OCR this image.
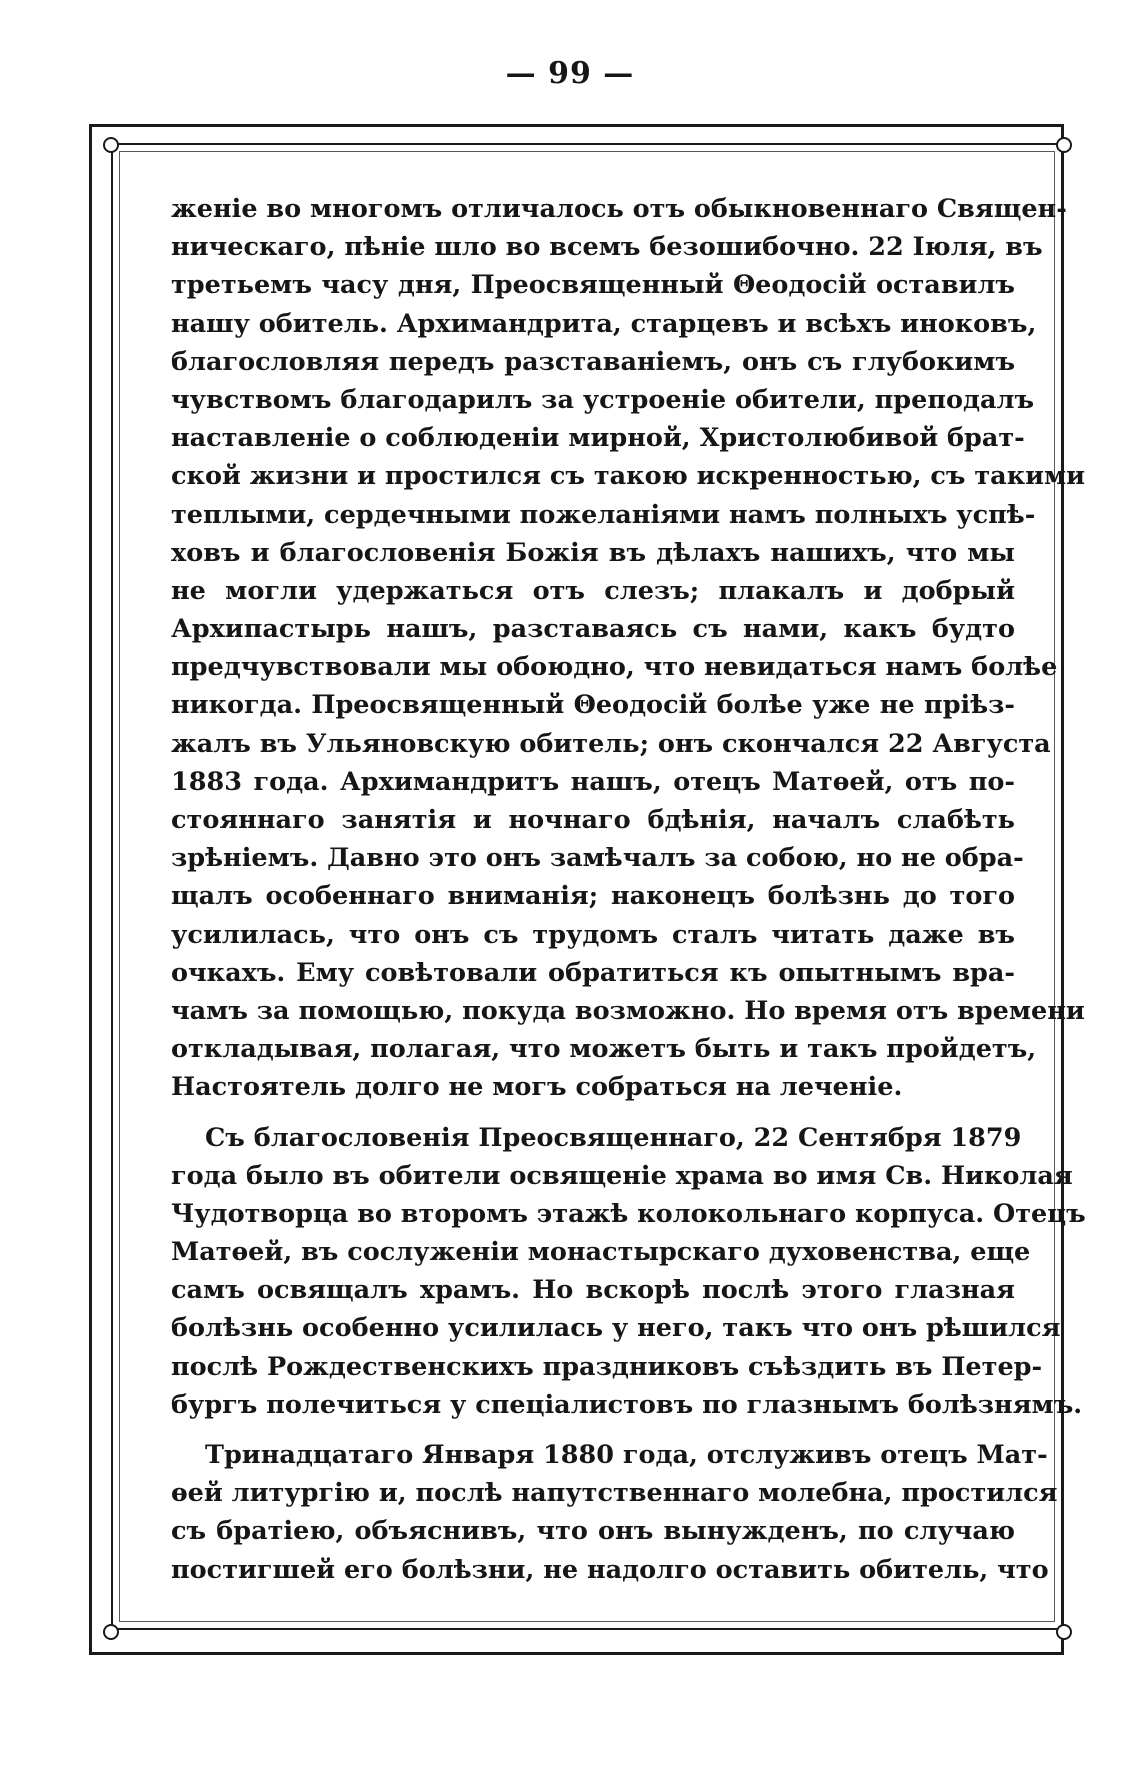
— 99 —

женіе во многомъ отличалось отъ обыкновеннаго Священ-
ническаго, пѣніе шло во всемъ безошибочно. 22 Іюля, въ
третьемъ часу дня, Преосвященный Θеодосій оставилъ
нашу обитель. Архимандрита, старцевъ и всѣхъ иноковъ,
благословляя передъ разставаніемъ, онъ съ глубокимъ
чувствомъ благодарилъ за устроеніе обители, преподалъ
наставленіе о соблюденіи мирной, Христолюбивой брат-
ской жизни и простился съ такою искренностью, съ такими
теплыми, сердечными пожеланіями намъ полныхъ успѣ-
ховъ и благословенія Божія въ дѣлахъ нашихъ, что мы
не могли удержаться отъ слезъ; плакалъ и добрый
Архипастырь нашъ, разставаясь съ нами, какъ будто
предчувствовали мы обоюдно, что невидаться намъ болѣе
никогда. Преосвященный Θеодосій болѣе уже не пріѣз-
жалъ въ Ульяновскую обитель; онъ скончался 22 Августа
1883 года. Архимандритъ нашъ, отецъ Матѳей, отъ по-
стояннаго занятія и ночнаго бдѣнія, началъ слабѣть
зрѣніемъ. Давно это онъ замѣчалъ за собою, но не обра-
щалъ особеннаго вниманія; наконецъ болѣзнь до того
усилилась, что онъ съ трудомъ сталъ читать даже въ
очкахъ. Ему совѣтовали обратиться къ опытнымъ вра-
чамъ за помощью, покуда возможно. Но время отъ времени
откладывая, полагая, что можетъ быть и такъ пройдетъ,
Настоятель долго не могъ собраться на леченіе.

Съ благословенія Преосвященнаго, 22 Сентября 1879
года было въ обители освященіе храма во имя Св. Николая
Чудотворца во второмъ этажѣ колокольнаго корпуса. Отецъ
Матѳей, въ сослуженіи монастырскаго духовенства, еще
самъ освящалъ храмъ. Но вскорѣ послѣ этого глазная
болѣзнь особенно усилилась у него, такъ что онъ рѣшился
послѣ Рождественскихъ праздниковъ съѣздить въ Петер-
бургъ полечиться у спеціалистовъ по глазнымъ болѣзнямъ.

Тринадцатаго Января 1880 года, отслуживъ отецъ Мат-
ѳей литургію и, послѣ напутственнаго молебна, простился
съ братіею, объяснивъ, что онъ вынужденъ, по случаю
постигшей его болѣзни, не надолго оставить обитель, что
